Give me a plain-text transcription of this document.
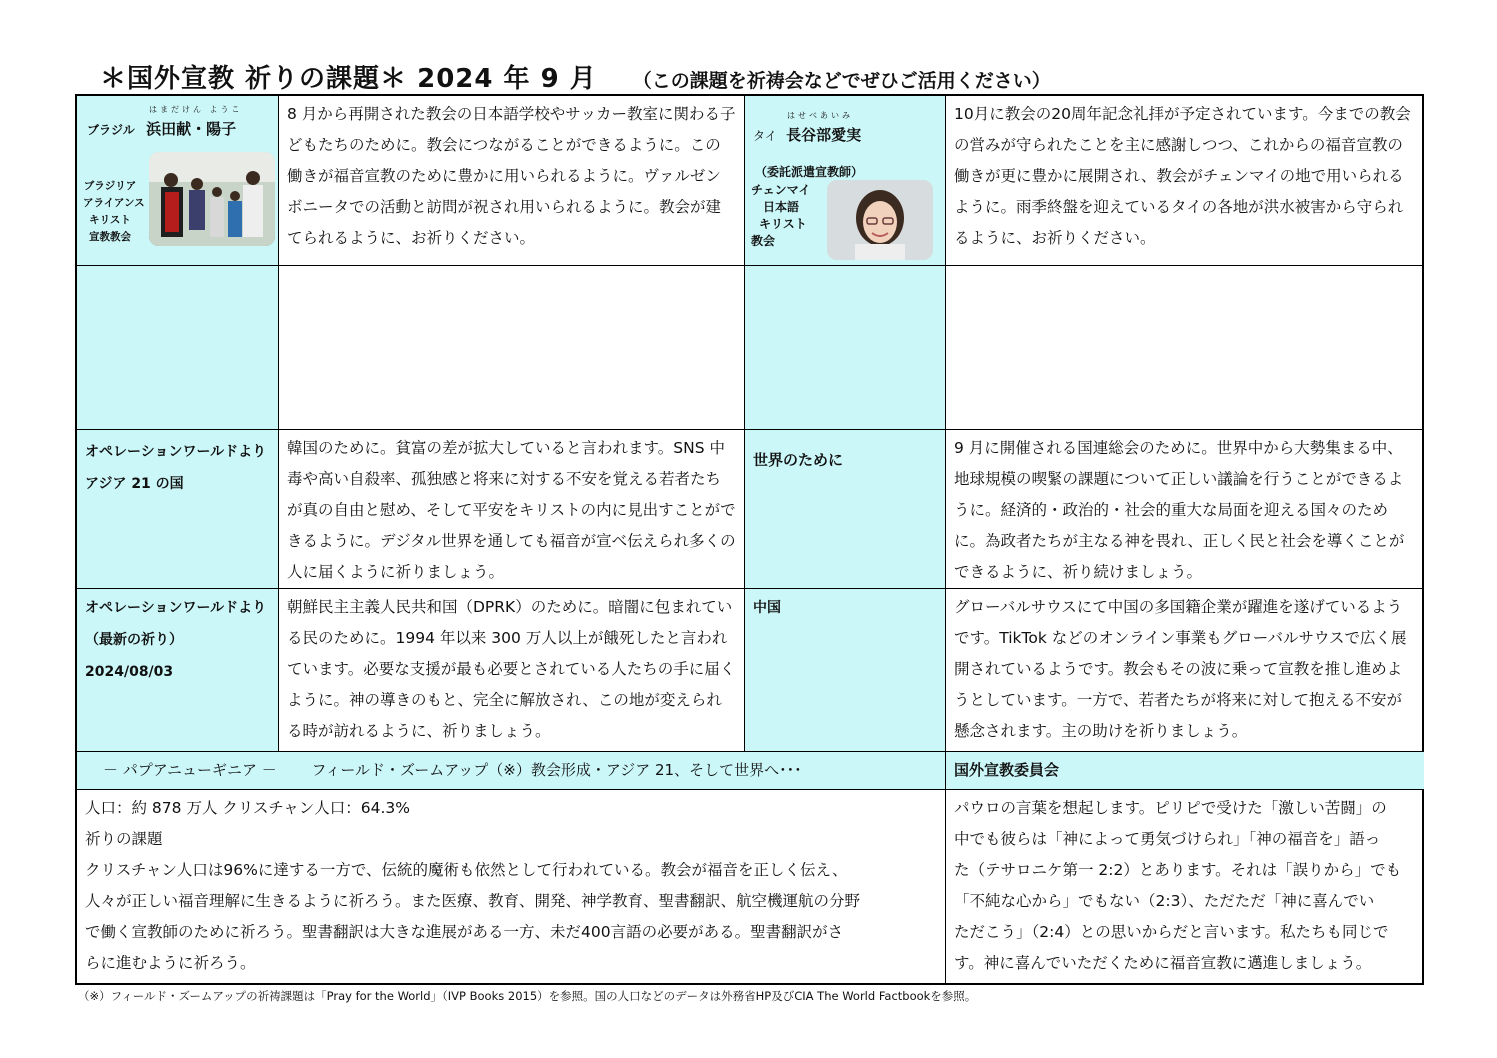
＊国外宣教 祈りの課題＊ 2024 年 9 月 （この課題を祈祷会などでぜひご活用ください）
はまだけん ようこ
ブラジル 浜田献・陽子
ブラジリア
アライアンス
キリスト
宣教教会
8 月から再開された教会の日本語学校やサッカー教室に関わる子どもたちのために。教会につながることができるように。この働きが福音宣教のために豊かに用いられるように。ヴァルゼンボニータでの活動と訪問が祝され用いられるように。教会が建てられるように、お祈りください。
はせべあいみ
タイ 長谷部愛実
（委託派遣宣教師）
チェンマイ
日本語
キリスト
教会
10月に教会の20周年記念礼拝が予定されています。今までの教会の営みが守られたことを主に感謝しつつ、これからの福音宣教の働きが更に豊かに展開され、教会がチェンマイの地で用いられるように。雨季終盤を迎えているタイの各地が洪水被害から守られるように、お祈りください。
オペレーションワールドより
アジア 21 の国
韓国のために。貧富の差が拡大していると言われます。SNS 中毒や高い自殺率、孤独感と将来に対する不安を覚える若者たちが真の自由と慰め、そして平安をキリストの内に見出すことができるように。デジタル世界を通しても福音が宣べ伝えられ多くの人に届くように祈りましょう。
世界のために
9 月に開催される国連総会のために。世界中から大勢集まる中、地球規模の喫緊の課題について正しい議論を行うことができるように。経済的・政治的・社会的重大な局面を迎える国々のために。為政者たちが主なる神を畏れ、正しく民と社会を導くことができるように、祈り続けましょう。
オペレーションワールドより
（最新の祈り）
2024/08/03
朝鮮民主主義人民共和国（DPRK）のために。暗闇に包まれている民のために。1994 年以来 300 万人以上が餓死したと言われています。必要な支援が最も必要とされている人たちの手に届くように。神の導きのもと、完全に解放され、この地が変えられる時が訪れるように、祈りましょう。
中国	グローバルサウスにて中国の多国籍企業が躍進を遂げているようです。TikTok などのオンライン事業もグローバルサウスで広く展開されているようです。教会もその波に乗って宣教を推し進めようとしています。一方で、若者たちが将来に対して抱える不安が懸念されます。主の助けを祈りましょう。
－ パプアニューギニア －　　 フィールド・ズームアップ（※）教会形成・アジア 21、そして世界へ･･･	国外宣教委員会
人口：約 878 万人 クリスチャン人口：64.3%
祈りの課題
クリスチャン人口は96%に達する一方で、伝統的魔術も依然として行われている。教会が福音を正しく伝え、
人々が正しい福音理解に生きるように祈ろう。また医療、教育、開発、神学教育、聖書翻訳、航空機運航の分野
で働く宣教師のために祈ろう。聖書翻訳は大きな進展がある一方、未だ400言語の必要がある。聖書翻訳がさ
らに進むように祈ろう。
パウロの言葉を想起します。ピリピで受けた「激しい苦闘」の
中でも彼らは「神によって勇気づけられ」「神の福音を」語っ
た（テサロニケ第一 2:2）とあります。それは「誤りから」でも
「不純な心から」でもない（2:3）、ただただ「神に喜んでい
ただこう」（2:4）との思いからだと言います。私たちも同じで
す。神に喜んでいただくために福音宣教に邁進しましょう。
（※）フィールド・ズームアップの祈祷課題は「Pray for the World」（IVP Books 2015）を参照。国の人口などのデータは外務省HP及びCIA The World Factbookを参照。
